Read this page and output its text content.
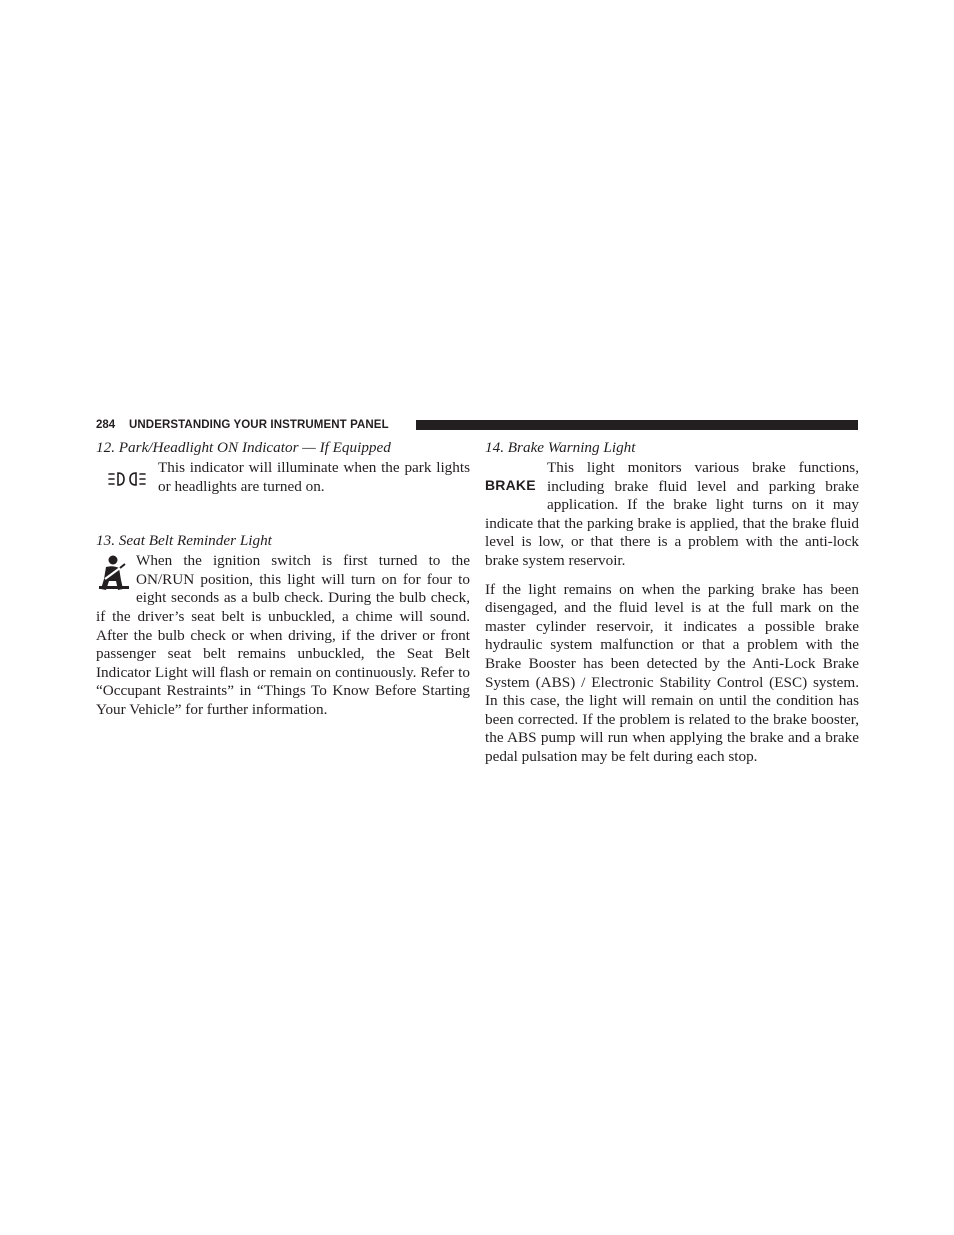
284 UNDERSTANDING YOUR INSTRUMENT PANEL

12. Park/Headlight ON Indicator — If Equipped

This indicator will illuminate when the park lights or headlights are turned on.

13. Seat Belt Reminder Light

When the ignition switch is first turned to the ON/RUN position, this light will turn on for four to eight seconds as a bulb check. During the bulb check, if the driver’s seat belt is unbuckled, a chime will sound. After the bulb check or when driving, if the driver or front passenger seat belt remains unbuckled, the Seat Belt Indicator Light will flash or remain on continuously. Refer to “Occupant Restraints” in “Things To Know Before Starting Your Vehicle” for further information.

14. Brake Warning Light

BRAKE

This light monitors various brake functions, including brake fluid level and parking brake application. If the brake light turns on it may indicate that the parking brake is applied, that the brake fluid level is low, or that there is a problem with the anti-lock brake system reservoir.

If the light remains on when the parking brake has been disengaged, and the fluid level is at the full mark on the master cylinder reservoir, it indicates a possible brake hydraulic system malfunction or that a problem with the Brake Booster has been detected by the Anti-Lock Brake System (ABS) / Electronic Stability Control (ESC) system. In this case, the light will remain on until the condition has been corrected. If the problem is related to the brake booster, the ABS pump will run when applying the brake and a brake pedal pulsation may be felt during each stop.
